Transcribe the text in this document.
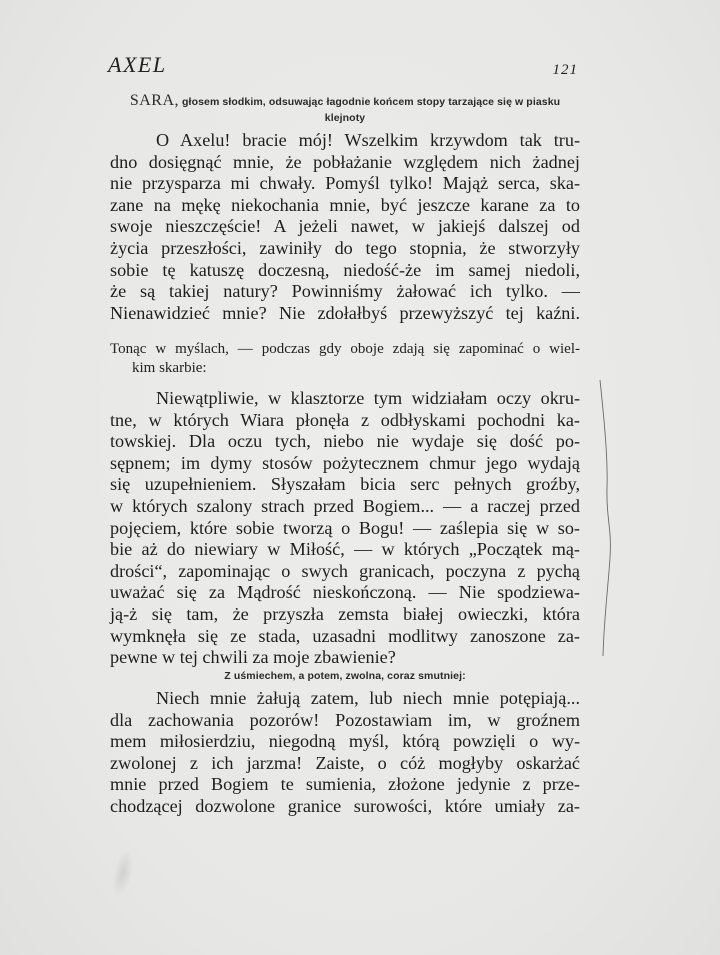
AXEL	121
SARA, głosem słodkim, odsuwając łagodnie końcem stopy tarzające się w piasku
klejnoty
O Axelu! bracie mój! Wszelkim krzywdom tak tru-
dno dosięgnąć mnie, że pobłażanie względem nich żadnej
nie przysparza mi chwały. Pomyśl tylko! Mająż serca, ska-
zane na mękę niekochania mnie, być jeszcze karane za to
swoje nieszczęście! A jeżeli nawet, w jakiejś dalszej od
życia przeszłości, zawiniły do tego stopnia, że stworzyły
sobie tę katuszę doczesną, niedość-że im samej niedoli,
że są takiej natury? Powinniśmy żałować ich tylko. —
Nienawidzieć mnie? Nie zdołałbyś przewyższyć tej kaźni.
Tonąc w myślach, — podczas gdy oboje zdają się zapominać o wiel-
kim skarbie:
Niewątpliwie, w klasztorze tym widziałam oczy okru-
tne, w których Wiara płonęła z odbłyskami pochodni ka-
towskiej. Dla oczu tych, niebo nie wydaje się dość po-
sępnem; im dymy stosów pożytecznem chmur jego wydają
się uzupełnieniem. Słyszałam bicia serc pełnych groźby,
w których szalony strach przed Bogiem... — a raczej przed
pojęciem, które sobie tworzą o Bogu! — zaślepia się w so-
bie aż do niewiary w Miłość, — w których „Początek mą-
drości“, zapominając o swych granicach, poczyna z pychą
uważać się za Mądrość nieskończoną. — Nie spodziewa-
ją-ż się tam, że przyszła zemsta białej owieczki, która
wymknęła się ze stada, uzasadni modlitwy zanoszone za-
pewne w tej chwili za moje zbawienie?
Z uśmiechem, a potem, zwolna, coraz smutniej:
Niech mnie żałują zatem, lub niech mnie potępiają...
dla zachowania pozorów! Pozostawiam im, w groźnem
mem miłosierdziu, niegodną myśl, którą powzięli o wy-
zwolonej z ich jarzma! Zaiste, o cóż mogłyby oskarżać
mnie przed Bogiem te sumienia, złożone jedynie z prze-
chodzącej dozwolone granice surowości, które umiały za-
